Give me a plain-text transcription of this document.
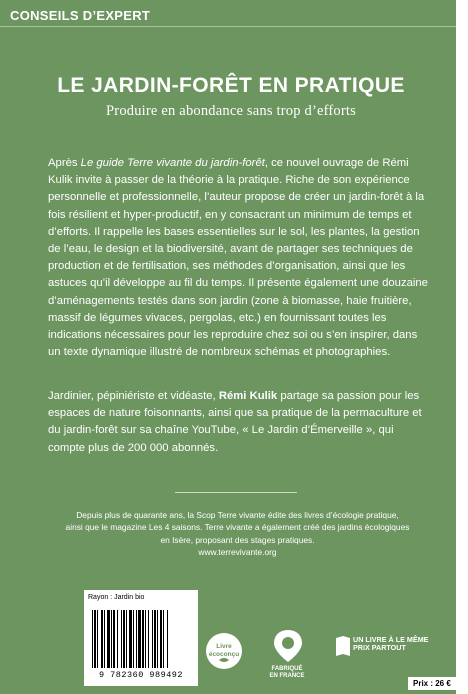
CONSEILS D’EXPERT
LE JARDIN-FORÊT EN PRATIQUE
Produire en abondance sans trop d’efforts
Après Le guide Terre vivante du jardin-forêt, ce nouvel ouvrage de Rémi Kulik invite à passer de la théorie à la pratique. Riche de son expérience personnelle et professionnelle, l’auteur propose de créer un jardin-forêt à la fois résilient et hyper-productif, en y consacrant un minimum de temps et d’efforts. Il rappelle les bases essentielles sur le sol, les plantes, la gestion de l’eau, le design et la biodiversité, avant de partager ses techniques de production et de fertilisation, ses méthodes d’organisation, ainsi que les astuces qu’il développe au fil du temps. Il présente également une douzaine d’aménagements testés dans son jardin (zone à biomasse, haie fruitière, massif de légumes vivaces, pergolas, etc.) en fournissant toutes les indications nécessaires pour les reproduire chez soi ou s’en inspirer, dans un texte dynamique illustré de nombreux schémas et photographies.
Jardinier, pépiniériste et vidéaste, Rémi Kulik partage sa passion pour les espaces de nature foisonnants, ainsi que sa pratique de la permaculture et du jardin-forêt sur sa chaîne YouTube, « Le Jardin d’Émerveille », qui compte plus de 200 000 abonnés.
Depuis plus de quarante ans, la Scop Terre vivante édite des livres d’écologie pratique,
ainsi que le magazine Les 4 saisons. Terre vivante a également créé des jardins écologiques
en Isère, proposant des stages pratiques.
www.terrevivante.org
Rayon : Jardin bio
9 782360 989492
Livre
écoconçu
FABRIQUÉ
EN FRANCE
UN LIVRE À LE MÊME PRIX PARTOUT
Prix : 26 €
